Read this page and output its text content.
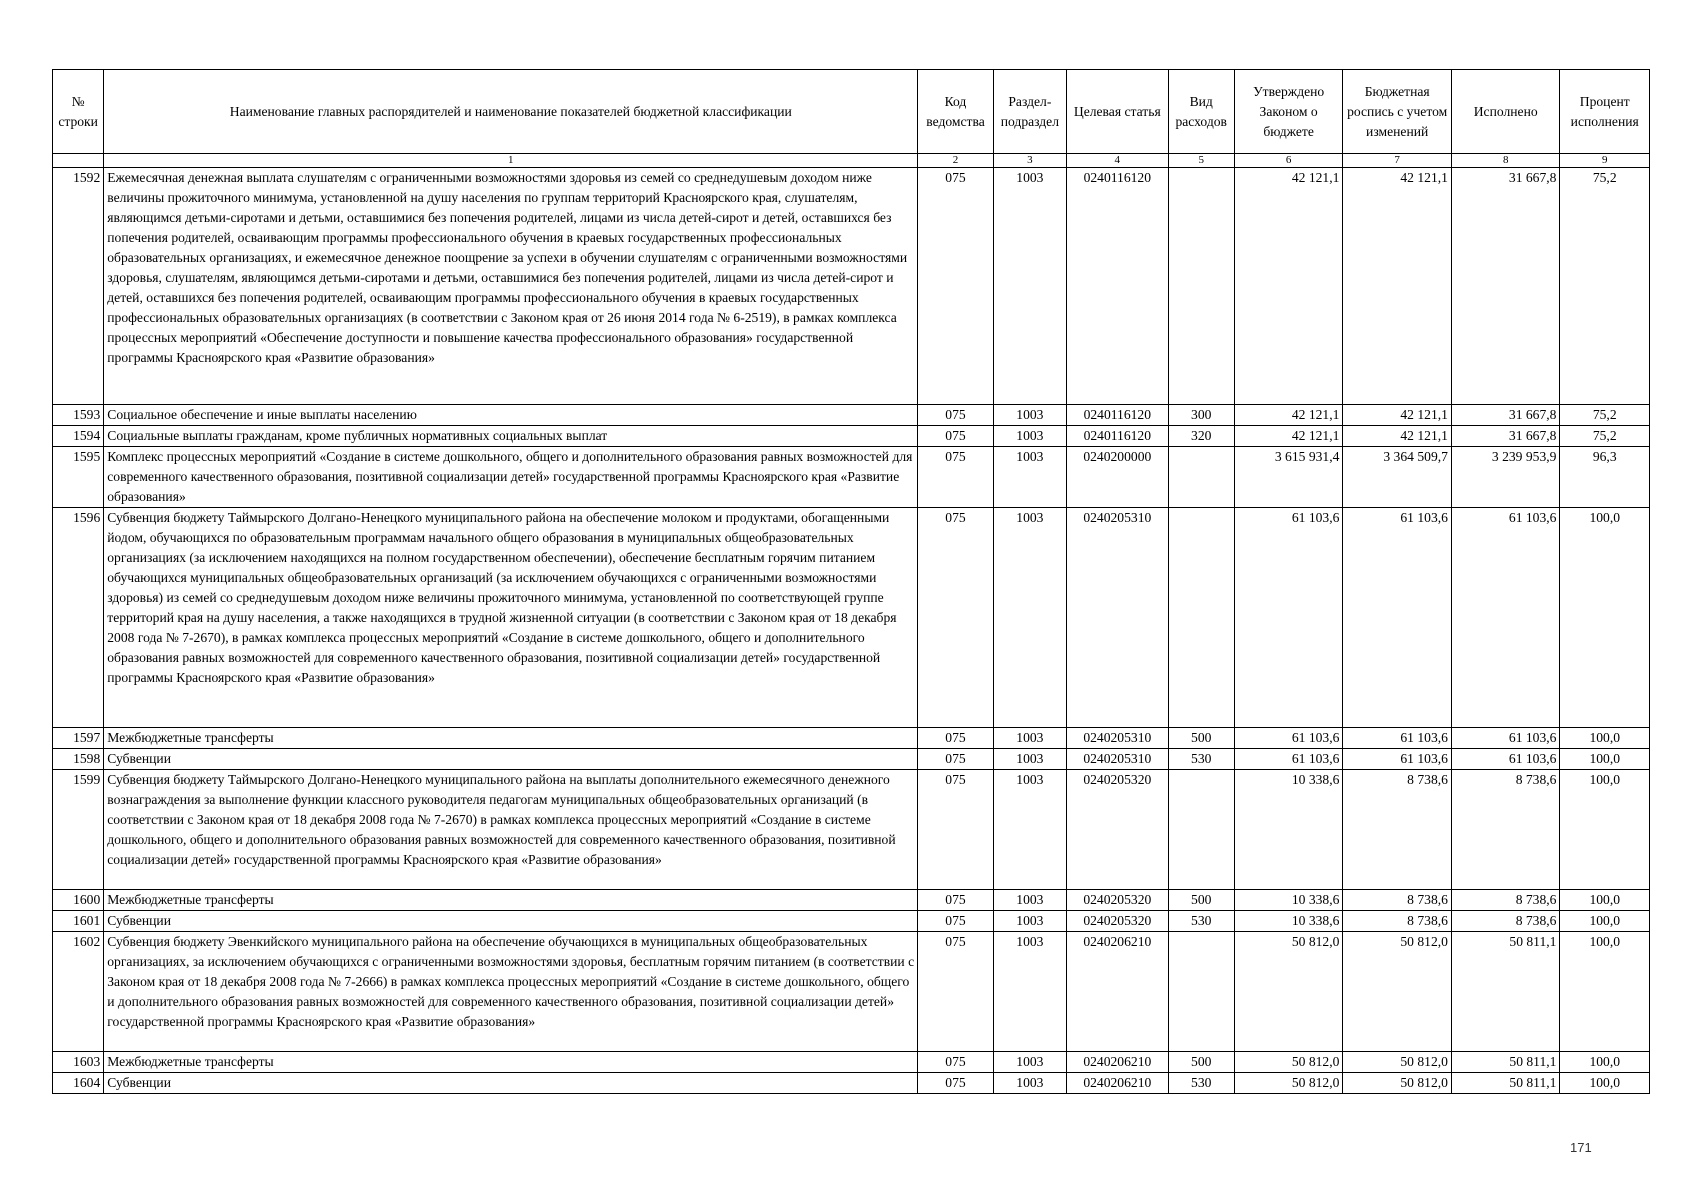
№ строки	Наименование главных распорядителей и наименование показателей бюджетной классификации	Код ведомства	Раздел-подраздел	Целевая статья	Вид расходов	Утверждено Законом о бюджете	Бюджетная роспись с учетом изменений	Исполнено	Процент исполнения
	1	2	3	4	5	6	7	8	9
1592	Ежемесячная денежная выплата слушателям с ограниченными возможностями здоровья из семей со среднедушевым доходом ниже величины прожиточного минимума, установленной на душу населения по группам территорий Красноярского края, слушателям, являющимся детьми-сиротами и детьми, оставшимися без попечения родителей, лицами из числа детей-сирот и детей, оставшихся без попечения родителей, осваивающим программы профессионального обучения в краевых государственных профессиональных образовательных организациях, и ежемесячное денежное поощрение за успехи в обучении слушателям с ограниченными возможностями здоровья, слушателям, являющимся детьми-сиротами и детьми, оставшимися без попечения родителей, лицами из числа детей-сирот и детей, оставшихся без попечения родителей, осваивающим программы профессионального обучения в краевых государственных профессиональных образовательных организациях (в соответствии с Законом края от 26 июня 2014 года № 6-2519), в рамках комплекса процессных мероприятий «Обеспечение доступности и повышение качества профессионального образования» государственной программы Красноярского края «Развитие образования»	075	1003	0240116120		42 121,1	42 121,1	31 667,8	75,2
1593	Социальное обеспечение и иные выплаты населению	075	1003	0240116120	300	42 121,1	42 121,1	31 667,8	75,2
1594	Социальные выплаты гражданам, кроме публичных нормативных социальных выплат	075	1003	0240116120	320	42 121,1	42 121,1	31 667,8	75,2
1595	Комплекс процессных мероприятий «Создание в системе дошкольного, общего и дополнительного образования равных возможностей для современного качественного образования, позитивной социализации детей» государственной программы Красноярского края «Развитие образования»	075	1003	0240200000		3 615 931,4	3 364 509,7	3 239 953,9	96,3
1596	Субвенция бюджету Таймырского Долгано-Ненецкого муниципального района на обеспечение молоком и продуктами, обогащенными йодом, обучающихся по образовательным программам начального общего образования в муниципальных общеобразовательных организациях (за исключением находящихся на полном государственном обеспечении), обеспечение бесплатным горячим питанием обучающихся муниципальных общеобразовательных организаций (за исключением обучающихся с ограниченными возможностями здоровья) из семей со среднедушевым доходом ниже величины прожиточного минимума, установленной по соответствующей группе территорий края на душу населения, а также находящихся в трудной жизненной ситуации (в соответствии с Законом края от 18 декабря 2008 года № 7-2670), в рамках комплекса процессных мероприятий «Создание в системе дошкольного, общего и дополнительного образования равных возможностей для современного качественного образования, позитивной социализации детей» государственной программы Красноярского края «Развитие образования»	075	1003	0240205310		61 103,6	61 103,6	61 103,6	100,0
1597	Межбюджетные трансферты	075	1003	0240205310	500	61 103,6	61 103,6	61 103,6	100,0
1598	Субвенции	075	1003	0240205310	530	61 103,6	61 103,6	61 103,6	100,0
1599	Субвенция бюджету Таймырского Долгано-Ненецкого муниципального района на выплаты дополнительного ежемесячного денежного вознаграждения за выполнение функции классного руководителя педагогам муниципальных общеобразовательных организаций (в соответствии с Законом края от 18 декабря 2008 года № 7-2670) в рамках комплекса процессных мероприятий «Создание в системе дошкольного, общего и дополнительного образования равных возможностей для современного качественного образования, позитивной социализации детей» государственной программы Красноярского края «Развитие образования»	075	1003	0240205320		10 338,6	8 738,6	8 738,6	100,0
1600	Межбюджетные трансферты	075	1003	0240205320	500	10 338,6	8 738,6	8 738,6	100,0
1601	Субвенции	075	1003	0240205320	530	10 338,6	8 738,6	8 738,6	100,0
1602	Субвенция бюджету Эвенкийского муниципального района на обеспечение обучающихся в муниципальных общеобразовательных организациях, за исключением обучающихся с ограниченными возможностями здоровья, бесплатным горячим питанием (в соответствии с Законом края от 18 декабря 2008 года № 7-2666) в рамках комплекса процессных мероприятий «Создание в системе дошкольного, общего и дополнительного образования равных возможностей для современного качественного образования, позитивной социализации детей» государственной программы Красноярского края «Развитие образования»	075	1003	0240206210		50 812,0	50 812,0	50 811,1	100,0
1603	Межбюджетные трансферты	075	1003	0240206210	500	50 812,0	50 812,0	50 811,1	100,0
1604	Субвенции	075	1003	0240206210	530	50 812,0	50 812,0	50 811,1	100,0
171
